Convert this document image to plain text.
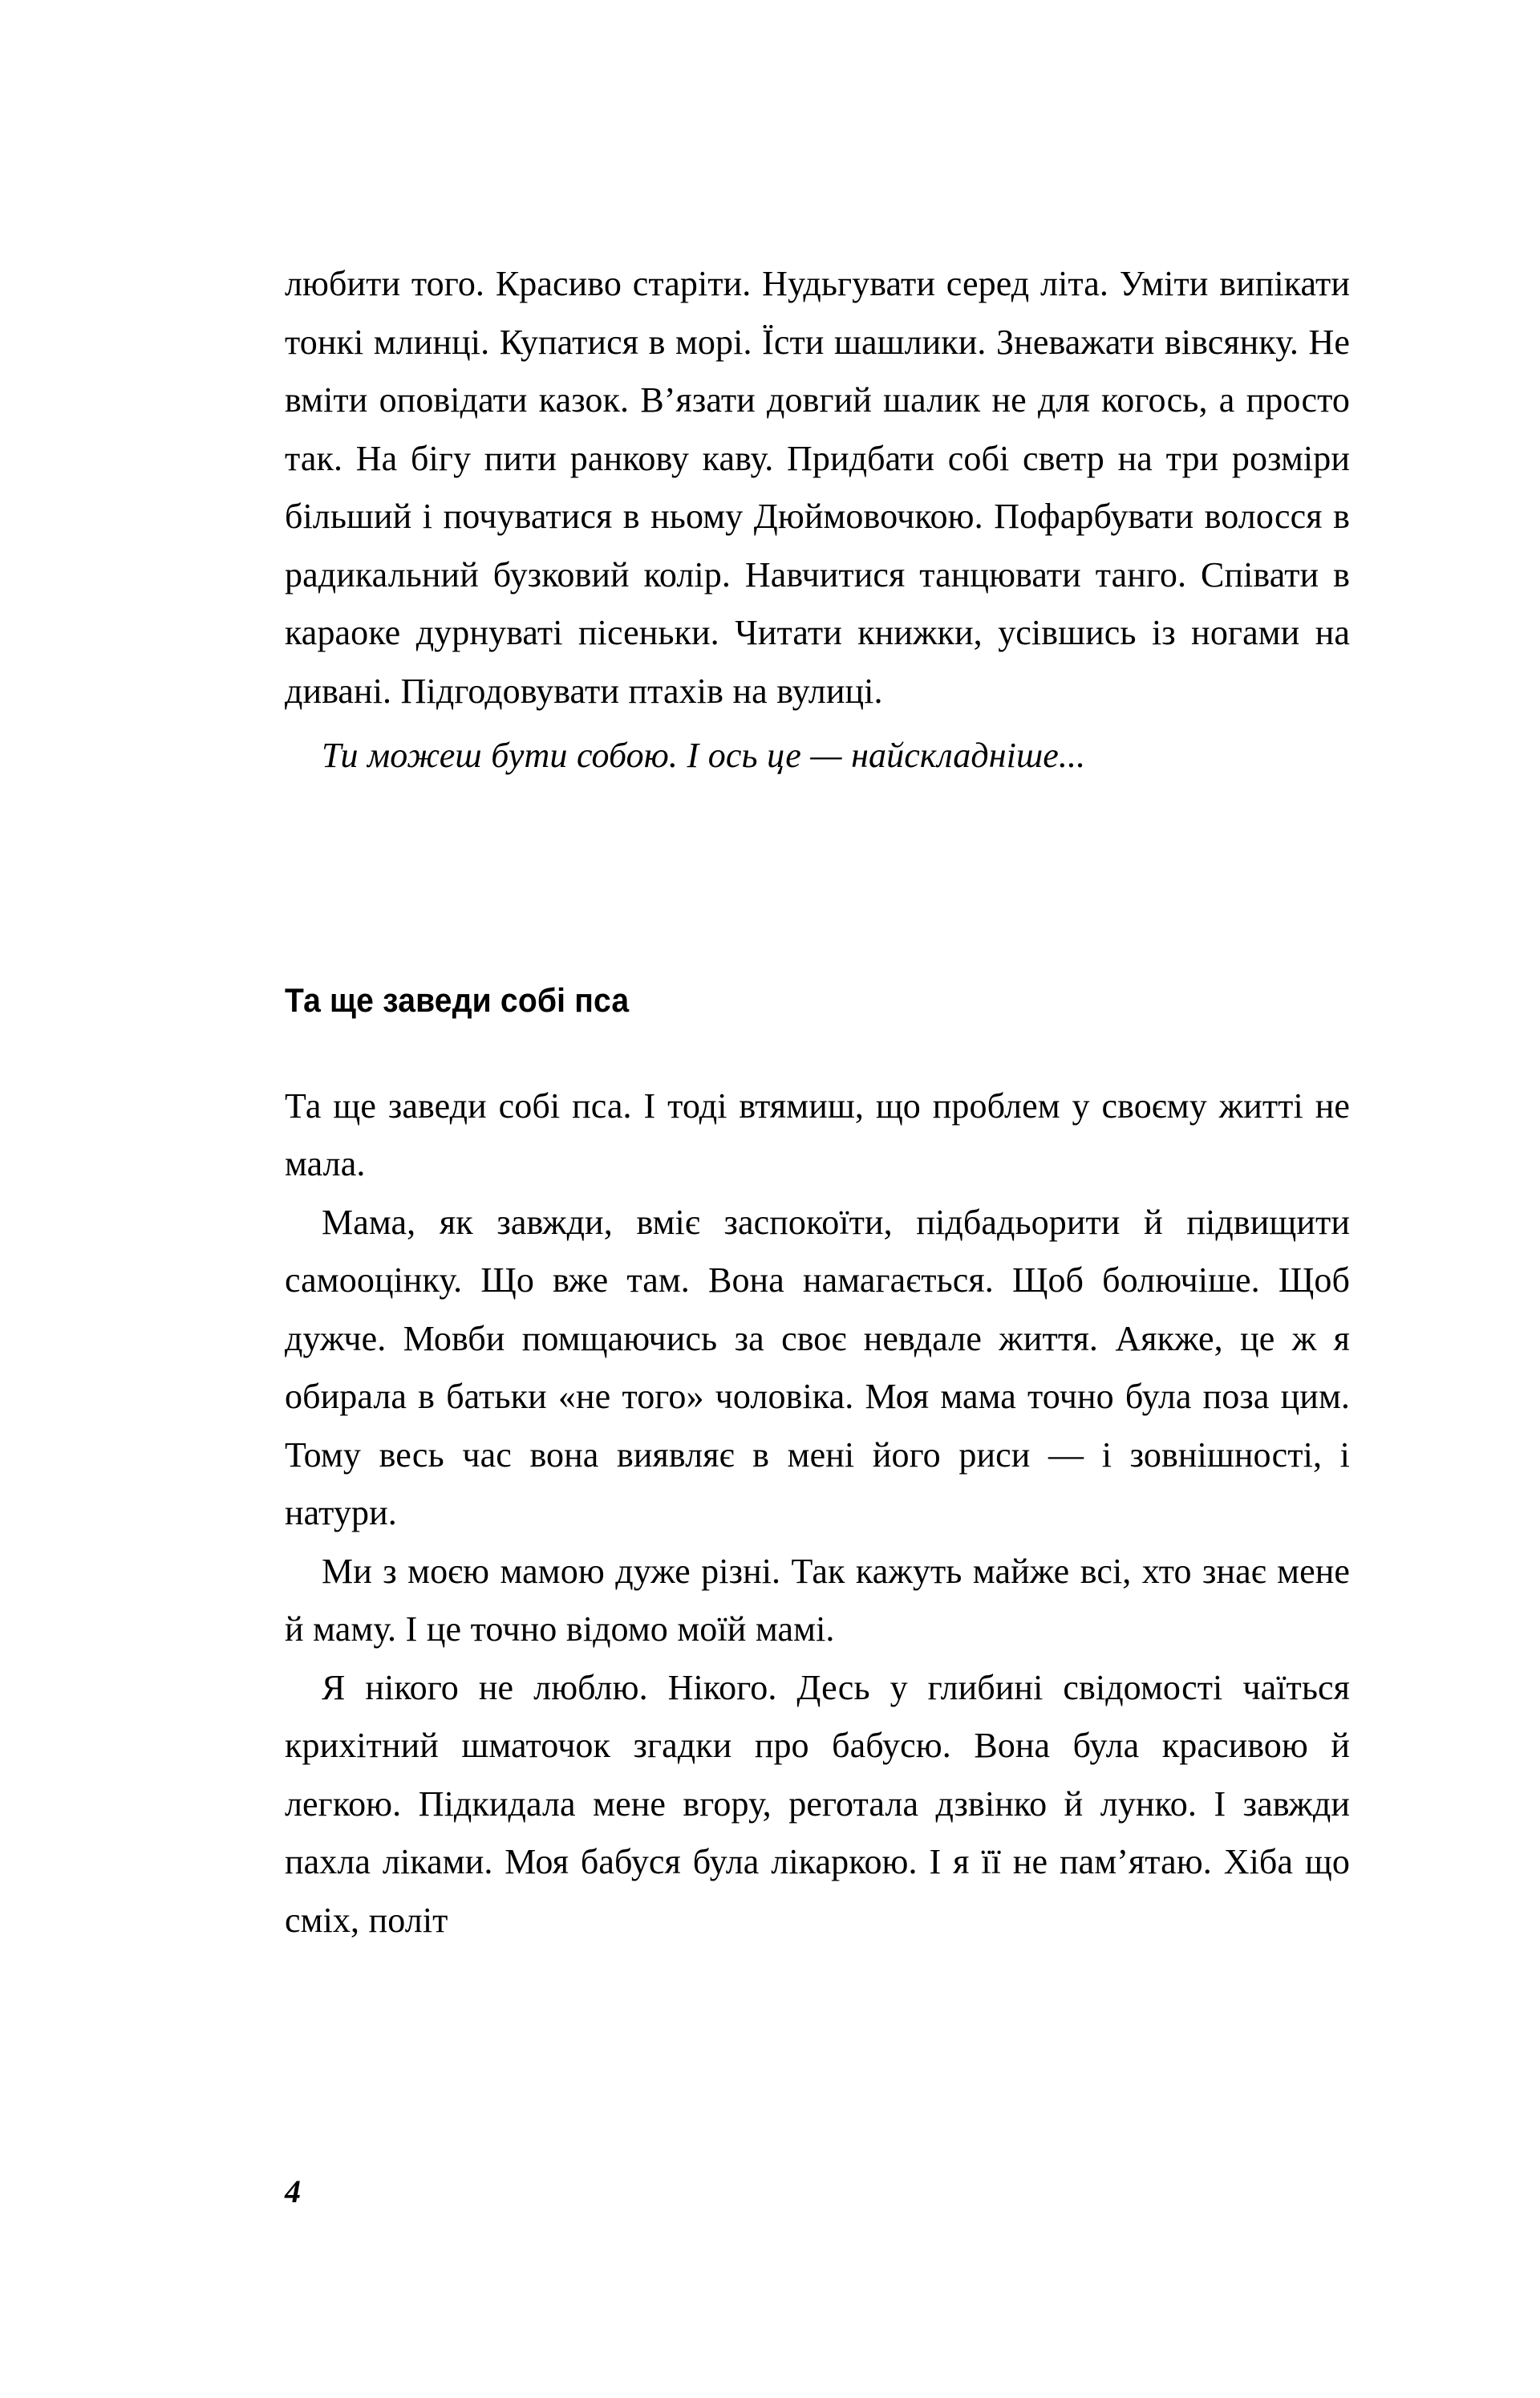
любити того. Красиво старіти. Нудьгувати серед літа. Уміти випікати тонкі млинці. Купатися в морі. Їсти шашлики. Зневажати вівсянку. Не вміти оповідати казок. В’язати довгий шалик не для когось, а просто так. На бігу пити ранкову каву. Придбати собі светр на три розміри більший і почуватися в ньому Дюймовочкою. Пофарбувати волосся в радикальний бузковий колір. Навчитися танцювати танго. Співати в караоке дурнуваті пісеньки. Читати книжки, усівшись із ногами на дивані. Підгодовувати птахів на вулиці.

Ти можеш бути собою. І ось це — найскладніше...

Та ще заведи собі пса

Та ще заведи собі пса. І тоді втямиш, що проблем у своєму житті не мала.

Мама, як завжди, вміє заспокоїти, підбадьорити й підвищити самооцінку. Що вже там. Вона намагається. Щоб болючіше. Щоб дужче. Мовби помщаючись за своє невдале життя. Аякже, це ж я обирала в батьки «не того» чоловіка. Моя мама точно була поза цим. Тому весь час вона виявляє в мені його риси — і зовнішності, і натури.

Ми з моєю мамою дуже різні. Так кажуть майже всі, хто знає мене й маму. І це точно відомо моїй мамі.

Я нікого не люблю. Нікого. Десь у глибині свідомості чаїться крихітний шматочок згадки про бабусю. Вона була красивою й легкою. Підкидала мене вгору, реготала дзвінко й лунко. І завжди пахла ліками. Моя бабуся була лікаркою. І я її не пам’ятаю. Хіба що сміх, політ

4
